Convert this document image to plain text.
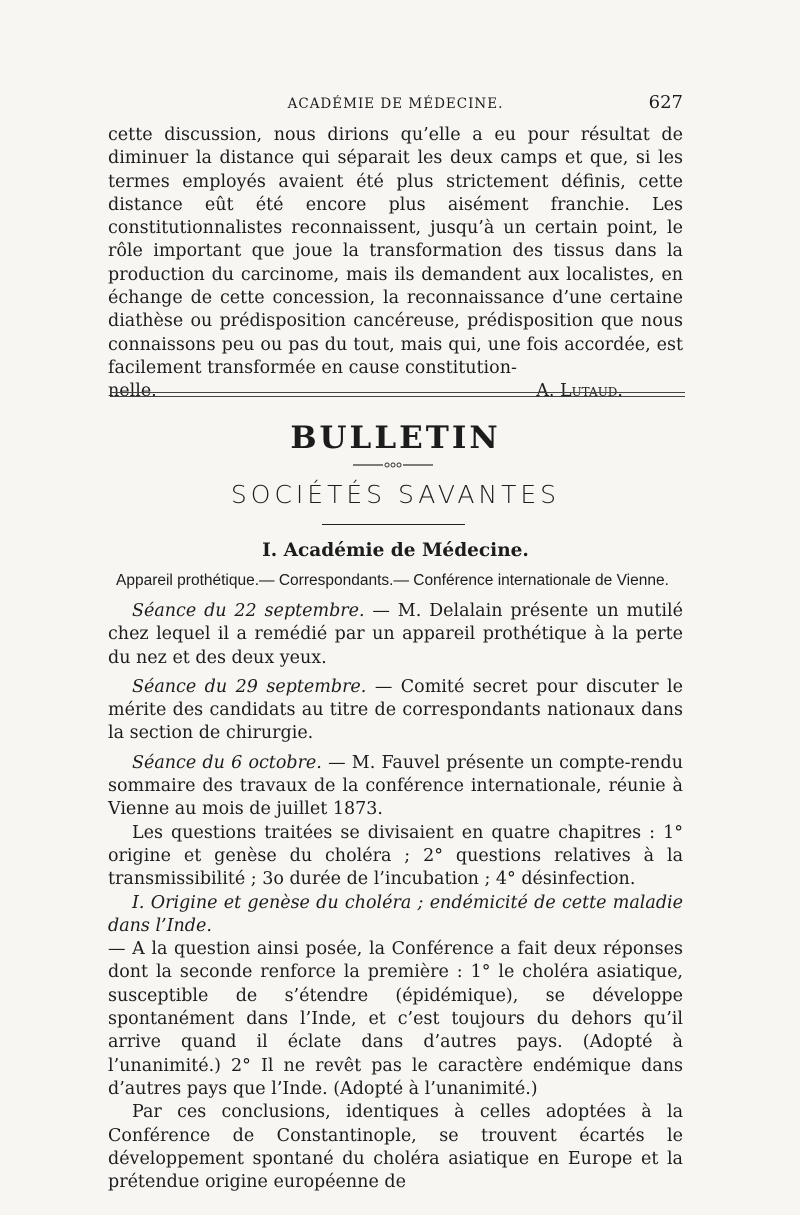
ACADÉMIE DE MÉDECINE.	627

cette discussion, nous dirions qu’elle a eu pour résultat de diminuer la distance qui séparait les deux camps et que, si les termes employés avaient été plus strictement définis, cette distance eût été encore plus aisément franchie. Les constitutionnalistes reconnaissent, jusqu’à un certain point, le rôle important que joue la transformation des tissus dans la production du carcinome, mais ils demandent aux localistes, en échange de cette concession, la reconnaissance d’une certaine diathèse ou prédisposition cancéreuse, prédisposition que nous connaissons peu ou pas du tout, mais qui, une fois accordée, est facilement transformée en cause constitution-

nelle.	A. Lutaud.
BULLETIN
SOCIÉTÉS SAVANTES
I. Académie de Médecine.
Appareil prothétique.— Correspondants.— Conférence internationale de Vienne.

Séance du 22 septembre. — M. Delalain présente un mutilé chez lequel il a remédié par un appareil prothétique à la perte du nez et des deux yeux.

Séance du 29 septembre. — Comité secret pour discuter le mérite des candidats au titre de correspondants nationaux dans la section de chirurgie.

Séance du 6 octobre. — M. Fauvel présente un compte-rendu sommaire des travaux de la conférence internationale, réunie à Vienne au mois de juillet 1873.

Les questions traitées se divisaient en quatre chapitres : 1° origine et genèse du choléra ; 2° questions relatives à la transmissibilité ; 3o durée de l’incubation ; 4° désinfection.

I. Origine et genèse du choléra ; endémicité de cette maladie dans l’Inde.
— A la question ainsi posée, la Conférence a fait deux réponses dont la seconde renforce la première : 1° le choléra asiatique, susceptible de s’étendre (épidémique), se développe spontanément dans l’Inde, et c’est toujours du dehors qu’il arrive quand il éclate dans d’autres pays. (Adopté à l’unanimité.) 2° Il ne revêt pas le caractère endémique dans d’autres pays que l’Inde. (Adopté à l’unanimité.)

Par ces conclusions, identiques à celles adoptées à la Conférence de Constantinople, se trouvent écartés le développement spontané du choléra asiatique en Europe et la prétendue origine européenne de
